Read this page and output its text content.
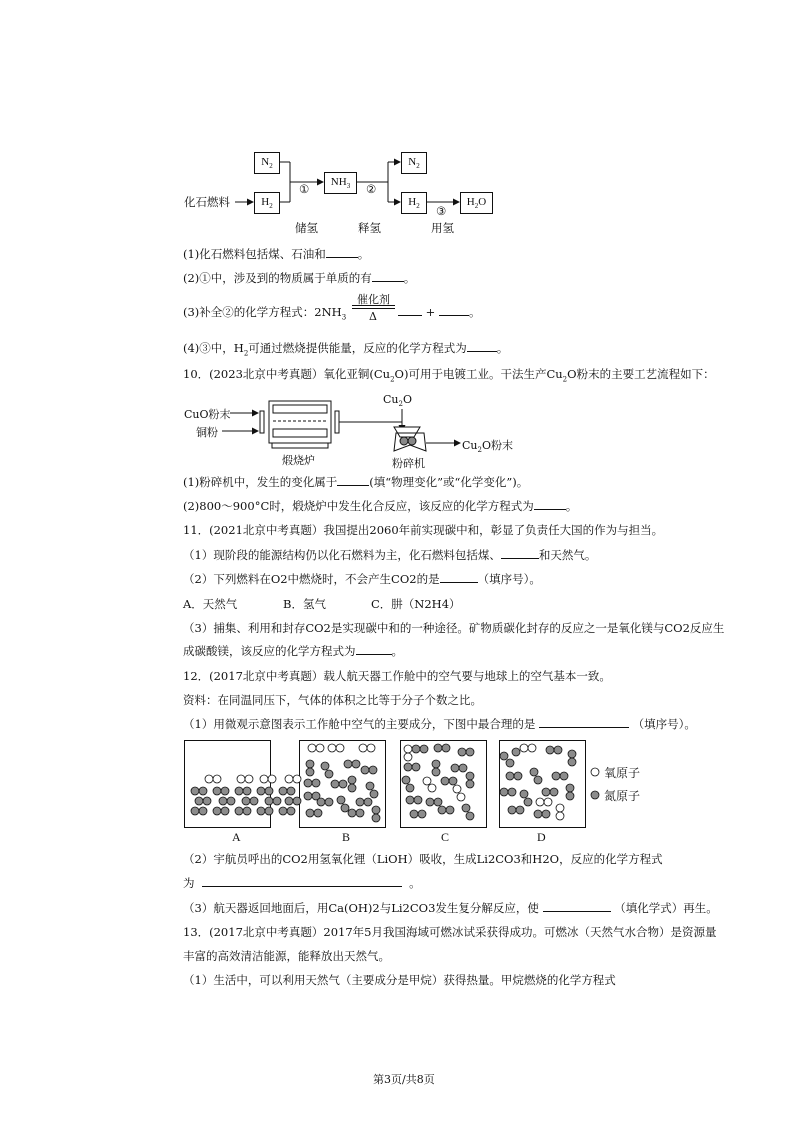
化石燃料
$N_2$
$H_2$
$NH_3$
$N_2$
$H_2$	$H_2O$
①	②
③
储氢	释氢	用氢
(1)化石燃料包括煤、石油和	。
(2)①中，涉及到的物质属于单质的有	。
(3)补全②的化学方程式：$2NH_3$
催化剂
Δ	+	。
(4)③中，$H_2$可通过燃烧提供能量，反应的化学方程式为	。
10．(2023北京中考真题）氧化亚铜$(Cu_2O)$可用于电镀工业。干法生产$Cu_2O$粉末的主要工艺流程如下：
CuO粉末
铜粉
煅烧炉
$Cu_2O$
粉碎机
$Cu_2O$粉末
(1)粉碎机中，发生的变化属于	(填“物理变化”或“化学变化”)。
(2)800～900°C时，煅烧炉中发生化合反应，该反应的化学方程式为	。
11．(2021北京中考真题）我国提出2060年前实现碳中和，彰显了负责任大国的作为与担当。
（1）现阶段的能源结构仍以化石燃料为主，化石燃料包括煤、	和天然气。
（2）下列燃料在O2中燃烧时，不会产生CO2的是	（填序号）。
A．天然气	B．氢气	C．肼（N2H4）
（3）捕集、利用和封存CO2是实现碳中和的一种途径。矿物质碳化封存的反应之一是氧化镁与CO2反应生
成碳酸镁，该反应的化学方程式为	。
12．(2017北京中考真题）载人航天器工作舱中的空气要与地球上的空气基本一致。
资料：在同温同压下，气体的体积之比等于分子个数之比。
（1）用微观示意图表示工作舱中空气的主要成分，下图中最合理的是	（填序号）。
氧原子
氮原子
A	B	C	D
（2）宇航员呼出的CO2用氢氧化锂（LiOH）吸收，生成Li2CO3和H2O，反应的化学方程式
为	。
（3）航天器返回地面后，用Ca(OH)2与Li2CO3发生复分解反应，使	（填化学式）再生。
13．(2017北京中考真题）2017年5月我国海域可燃冰试采获得成功。可燃冰（天然气水合物）是资源量
丰富的高效清洁能源，能释放出天然气。
（1）生活中，可以利用天然气（主要成分是甲烷）获得热量。甲烷燃烧的化学方程式
第3页/共8页
